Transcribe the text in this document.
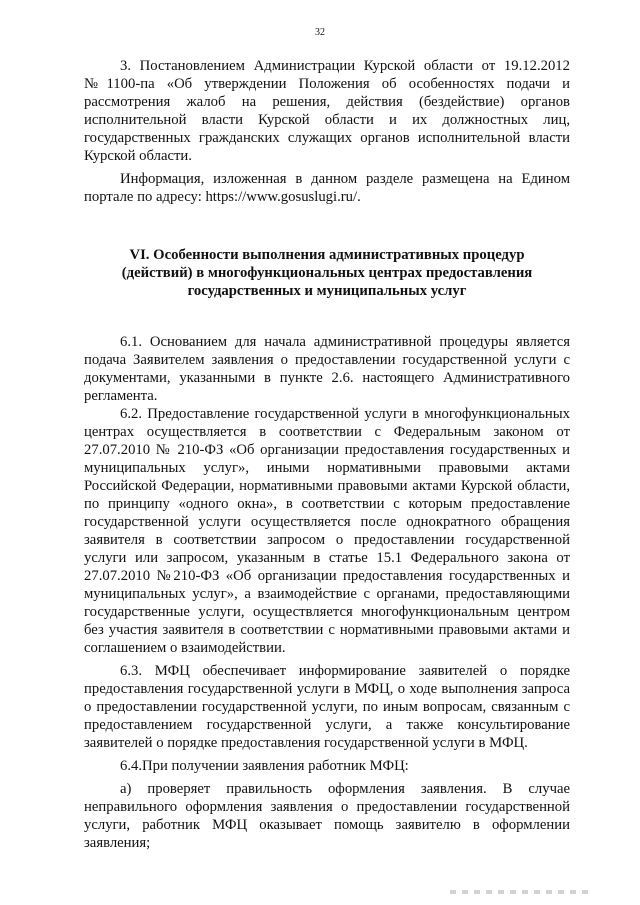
32

3. Постановлением Администрации Курской области от 19.12.2012 №1100-па «Об утверждении Положения об особенностях подачи и рассмотрения жалоб на решения, действия (бездействие) органов исполнительной власти Курской области и их должностных лиц, государственных гражданских служащих органов исполнительной власти Курской области.

Информация, изложенная в данном разделе размещена на Едином портале по адресу: https://www.gosuslugi.ru/.

VI. Особенности выполнения административных процедур
(действий) в многофункциональных центрах предоставления
государственных и муниципальных услуг

6.1. Основанием для начала административной процедуры является подача Заявителем заявления о предоставлении государственной услуги с документами, указанными в пункте 2.6. настоящего Административного регламента.

6.2. Предоставление государственной услуги в многофункциональных центрах осуществляется в соответствии с Федеральным законом от 27.07.2010 № 210-ФЗ «Об организации предоставления государственных и муниципальных услуг», иными нормативными правовыми актами Российской Федерации, нормативными правовыми актами Курской области, по принципу «одного окна», в соответствии с которым предоставление государственной услуги осуществляется после однократного обращения заявителя в соответствии запросом о предоставлении государственной услуги или запросом, указанным в статье 15.1 Федерального закона от 27.07.2010 №210-ФЗ «Об организации предоставления государственных и муниципальных услуг», а взаимодействие с органами, предоставляющими государственные услуги, осуществляется многофункциональным центром без участия заявителя в соответствии с нормативными правовыми актами и соглашением о взаимодействии.

6.3. МФЦ обеспечивает информирование заявителей о порядке предоставления государственной услуги в МФЦ, о ходе выполнения запроса о предоставлении государственной услуги, по иным вопросам, связанным с предоставлением государственной услуги, а также консультирование заявителей о порядке предоставления государственной услуги в МФЦ.

6.4.При получении заявления работник МФЦ:

а) проверяет правильность оформления заявления. В случае неправильного оформления заявления о предоставлении государственной услуги, работник МФЦ оказывает помощь заявителю в оформлении заявления;
